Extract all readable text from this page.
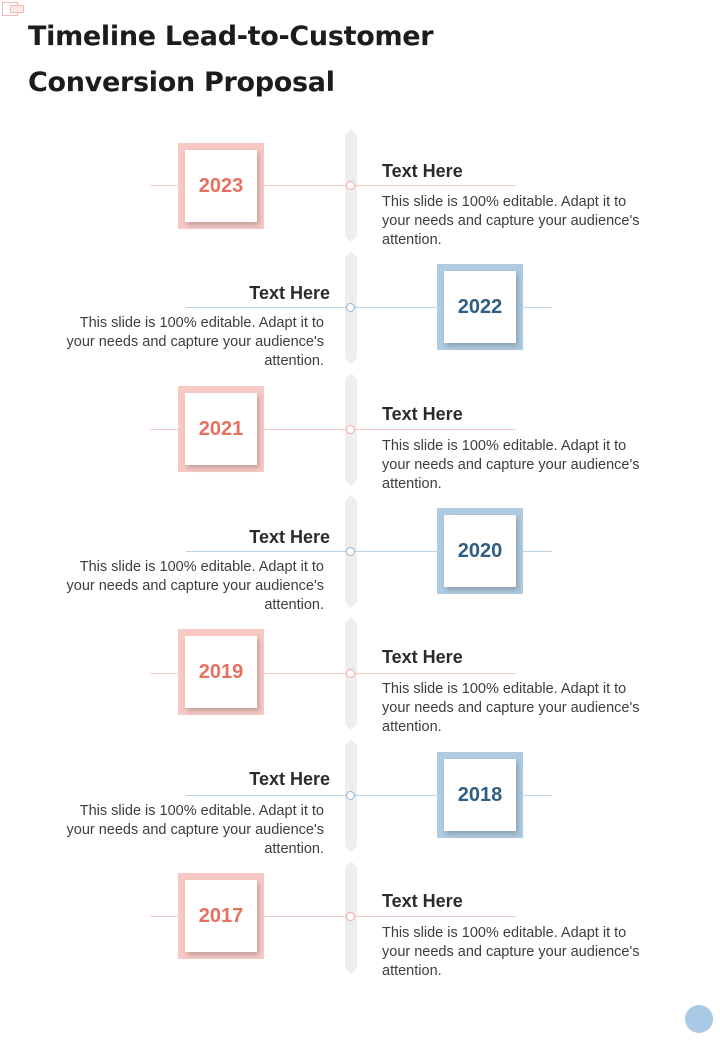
Timeline Lead-to-Customer Conversion Proposal
2023

Text Here

This slide is 100% editable. Adapt it to your needs and capture your audience's attention.

2022

Text Here

This slide is 100% editable. Adapt it to your needs and capture your audience's attention.

2021

Text Here

This slide is 100% editable. Adapt it to your needs and capture your audience's attention.

2020

Text Here

This slide is 100% editable. Adapt it to your needs and capture your audience's attention.

2019

Text Here

This slide is 100% editable. Adapt it to your needs and capture your audience's attention.

2018

Text Here

This slide is 100% editable. Adapt it to your needs and capture your audience's attention.

2017

Text Here

This slide is 100% editable. Adapt it to your needs and capture your audience's attention.
